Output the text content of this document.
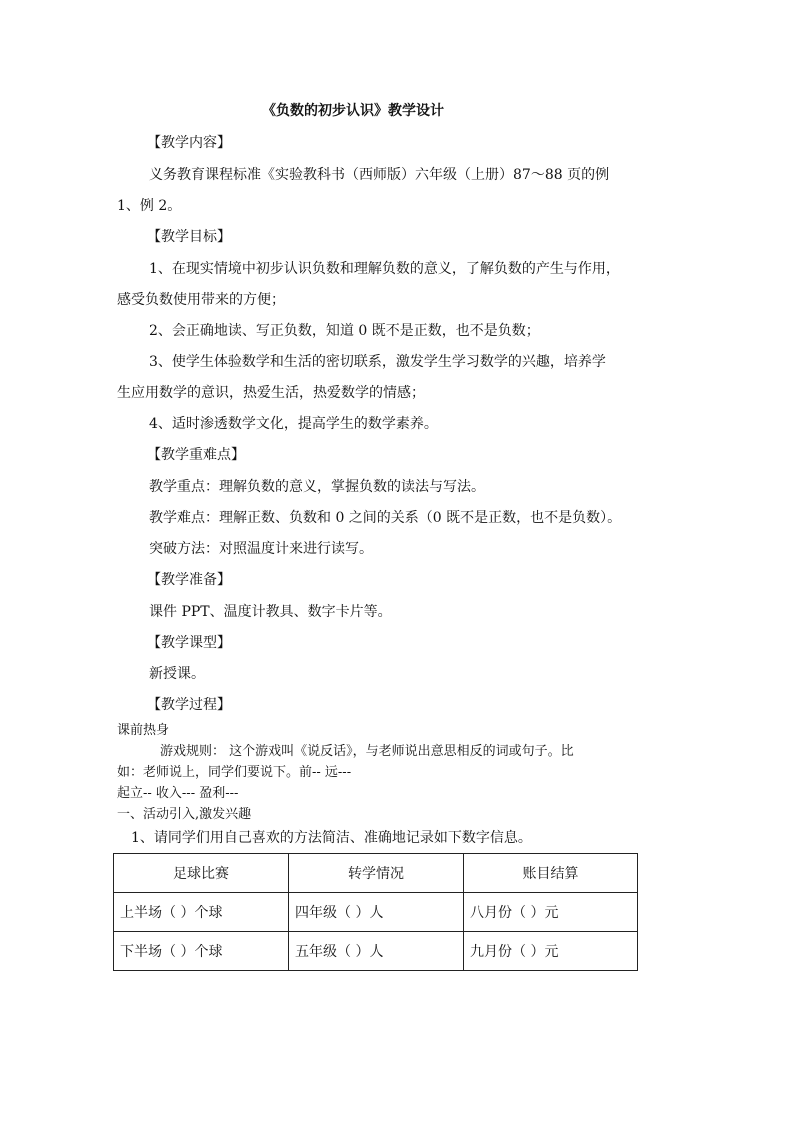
《负数的初步认识》教学设计
【教学内容】
义务教育课程标准《实验教科书（西师版）六年级（上册）87～88 页的例
1、例 2。
【教学目标】
1、在现实情境中初步认识负数和理解负数的意义，了解负数的产生与作用，
感受负数使用带来的方便；
2、会正确地读、写正负数，知道 0 既不是正数，也不是负数；
3、使学生体验数学和生活的密切联系，激发学生学习数学的兴趣，培养学
生应用数学的意识，热爱生活，热爱数学的情感；
4、适时渗透数学文化，提高学生的数学素养。
【教学重难点】
教学重点：理解负数的意义，掌握负数的读法与写法。
教学难点：理解正数、负数和 0 之间的关系（0 既不是正数，也不是负数）。
突破方法：对照温度计来进行读写。
【教学准备】
课件 PPT、温度计教具、数字卡片等。
【教学课型】
新授课。
【教学过程】
课前热身
游戏规则： 这个游戏叫《说反话》，与老师说出意思相反的词或句子。比
如：老师说上，同学们要说下。前-- 远---
起立-- 收入--- 盈利---
一、活动引入,激发兴趣
1、请同学们用自己喜欢的方法简洁、准确地记录如下数字信息。
足球比赛	转学情况	账目结算
上半场（ ）个球	四年级（ ）人	八月份（ ）元
下半场（ ）个球	五年级（ ）人	九月份（ ）元
